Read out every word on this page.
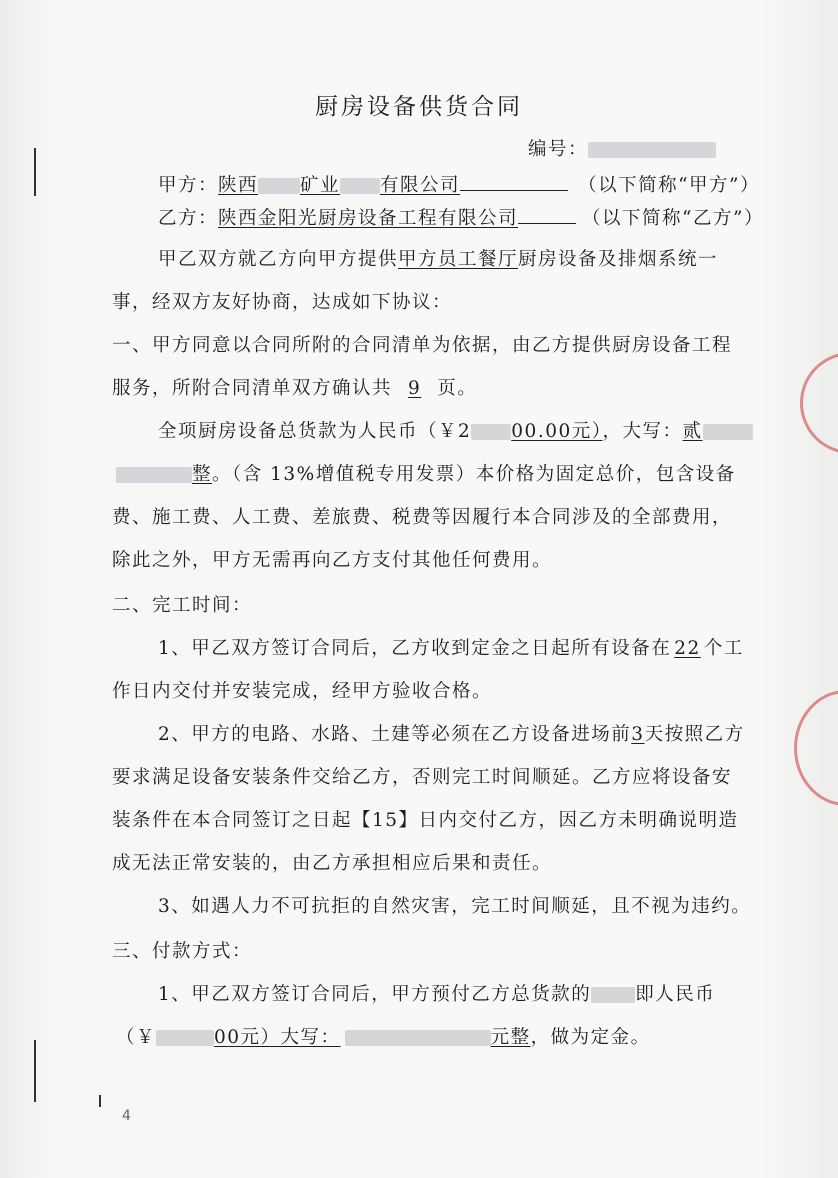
厨房设备供货合同
编号：
甲方：陕西 矿业 有限公司	（以下简称“甲方”）
乙方：陕西金阳光厨房设备工程有限公司	（以下简称“乙方”）
甲乙双方就乙方向甲方提供甲方员工餐厅厨房设备及排烟系统一
事，经双方友好协商，达成如下协议：
一、甲方同意以合同所附的合同清单为依据，由乙方提供厨房设备工程
服务，所附合同清单双方确认共 9 页。
全项厨房设备总货款为人民币（￥2 00.00元），大写：贰
整。（含 13%增值税专用发票）本价格为固定总价，包含设备
费、施工费、人工费、差旅费、税费等因履行本合同涉及的全部费用，
除此之外，甲方无需再向乙方支付其他任何费用。
二、完工时间：
1、甲乙双方签订合同后，乙方收到定金之日起所有设备在 22 个工
作日内交付并安装完成，经甲方验收合格。
2、甲方的电路、水路、土建等必须在乙方设备进场前3天按照乙方
要求满足设备安装条件交给乙方，否则完工时间顺延。乙方应将设备安
装条件在本合同签订之日起【15】日内交付乙方，因乙方未明确说明造
成无法正常安装的，由乙方承担相应后果和责任。
3、如遇人力不可抗拒的自然灾害，完工时间顺延，且不视为违约。
三、付款方式：
1、甲乙双方签订合同后，甲方预付乙方总货款的 即人民币
（￥	00元）大写：	元整，做为定金。
4
